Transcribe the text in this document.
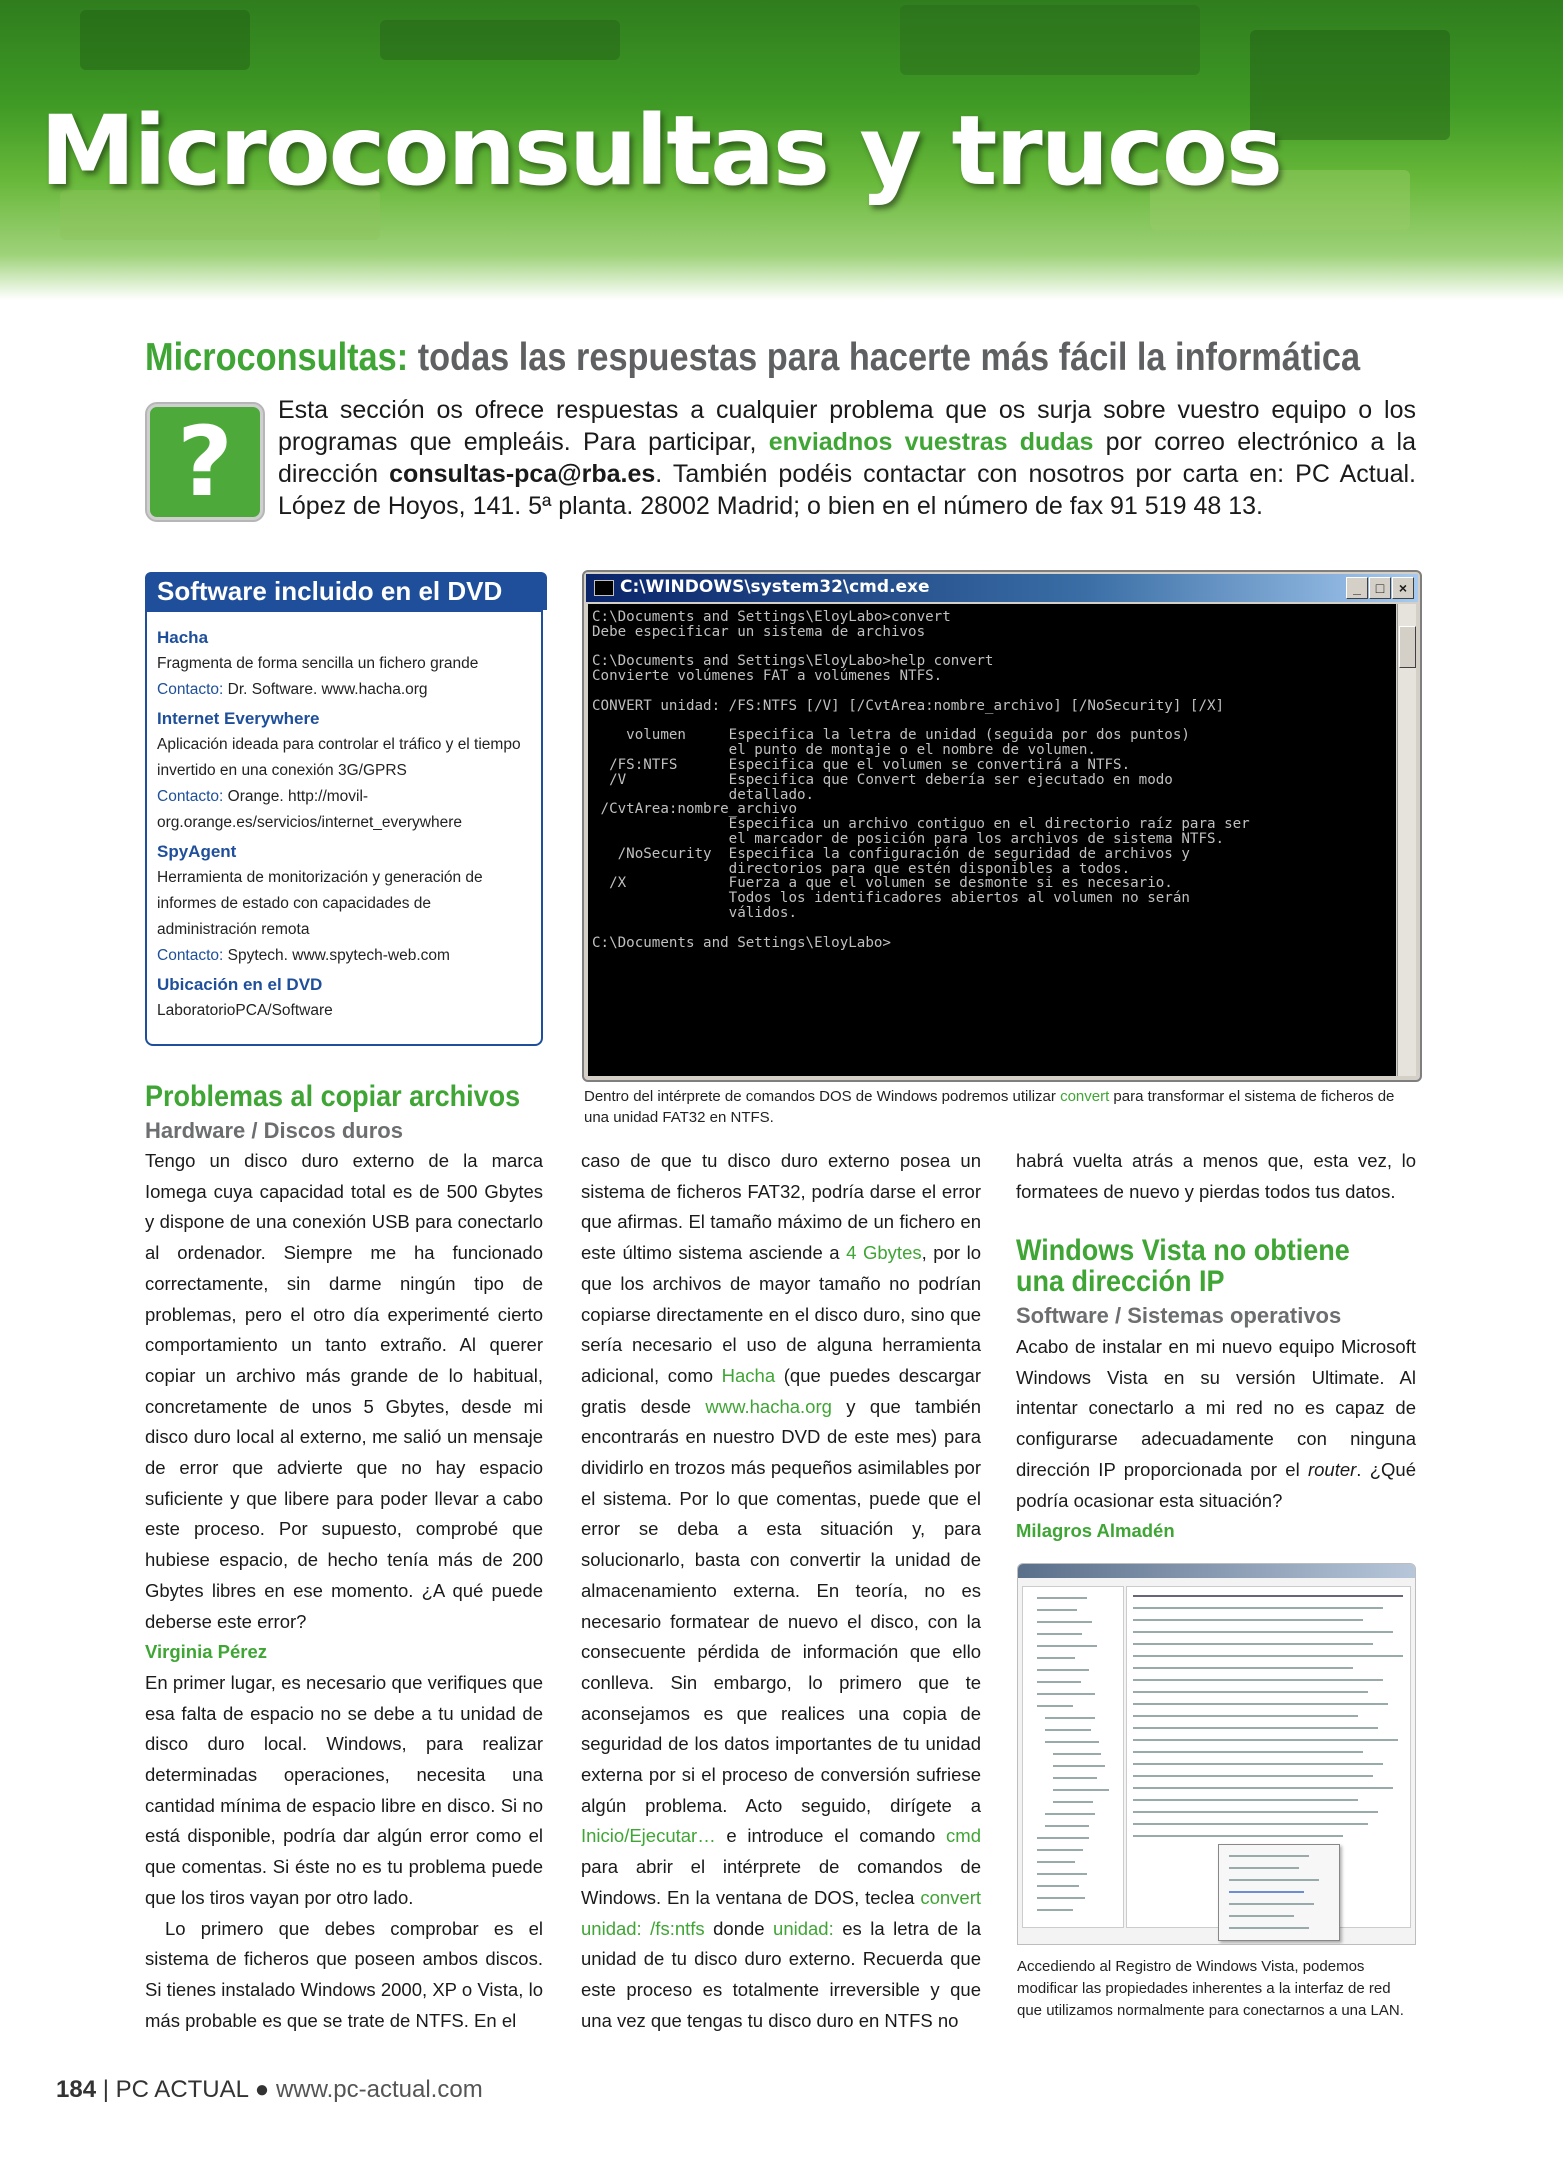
Microconsultas y trucos
Microconsultas: todas las respuestas para hacerte más fácil la informática
?	Esta sección os ofrece respuestas a cualquier problema que os surja sobre vuestro equipo o los programas que empleáis. Para participar, enviadnos vuestras dudas por correo electrónico a la dirección consultas-pca@rba.es. También podéis contactar con nosotros por carta en: PC Actual. López de Hoyos, 141. 5ª planta. 28002 Madrid; o bien en el número de fax 91 519 48 13.
Software incluido en el DVD
Hacha
Fragmenta de forma sencilla un fichero grande
Contacto: Dr. Software. www.hacha.org
Internet Everywhere
Aplicación ideada para controlar el tráfico y el tiempo invertido en una conexión 3G/GPRS
Contacto: Orange. http://movil-org.orange.es/servicios/internet_everywhere
SpyAgent
Herramienta de monitorización y generación de informes de estado con capacidades de administración remota
Contacto: Spytech. www.spytech-web.com
Ubicación en el DVD
LaboratorioPCA/Software
C:\WINDOWS\system32\cmd.exe	_	□	×
C:\Documents and Settings\EloyLabo>convert
Debe especificar un sistema de archivos

C:\Documents and Settings\EloyLabo>help convert
Convierte volúmenes FAT a volúmenes NTFS.

CONVERT unidad: /FS:NTFS [/V] [/CvtArea:nombre_archivo] [/NoSecurity] [/X]

volumen     Especifica la letra de unidad (seguida por dos puntos)
el punto de montaje o el nombre de volumen.
/FS:NTFS      Especifica que el volumen se convertirá a NTFS.
/V            Especifica que Convert debería ser ejecutado en modo
detallado.
/CvtArea:nombre_archivo
Especifica un archivo contiguo en el directorio raíz para ser
el marcador de posición para los archivos de sistema NTFS.
/NoSecurity  Especifica la configuración de seguridad de archivos y
directorios para que estén disponibles a todos.
/X            Fuerza a que el volumen se desmonte si es necesario.
Todos los identificadores abiertos al volumen no serán
válidos.

C:\Documents and Settings\EloyLabo>
Dentro del intérprete de comandos DOS de Windows podremos utilizar convert para transformar el sistema de ficheros de una unidad FAT32 en NTFS.
Problemas al copiar archivos
Hardware / Discos duros

Tengo un disco duro externo de la marca Iomega cuya capacidad total es de 500 Gbytes y dispone de una conexión USB para conectarlo al ordenador. Siempre me ha funcionado correctamente, sin darme ningún tipo de problemas, pero el otro día experimenté cierto comportamiento un tanto extraño. Al querer copiar un archivo más grande de lo habitual, concretamente de unos 5 Gbytes, desde mi disco duro local al externo, me salió un mensaje de error que advierte que no hay espacio suficiente y que libere para poder llevar a cabo este proceso. Por supuesto, comprobé que hubiese espacio, de hecho tenía más de 200 Gbytes libres en ese momento. ¿A qué puede deberse este error?

Virginia Pérez

En primer lugar, es necesario que verifiques que esa falta de espacio no se debe a tu unidad de disco duro local. Windows, para realizar determinadas operaciones, necesita una cantidad mínima de espacio libre en disco. Si no está disponible, podría dar algún error como el que comentas. Si éste no es tu problema puede que los tiros vayan por otro lado.

Lo primero que debes comprobar es el sistema de ficheros que poseen ambos discos. Si tienes instalado Windows 2000, XP o Vista, lo más probable es que se trate de NTFS. En el

caso de que tu disco duro externo posea un sistema de ficheros FAT32, podría darse el error que afirmas. El tamaño máximo de un fichero en este último sistema asciende a 4 Gbytes, por lo que los archivos de mayor tamaño no podrían copiarse directamente en el disco duro, sino que sería necesario el uso de alguna herramienta adicional, como Hacha (que puedes descargar gratis desde www.hacha.org y que también encontrarás en nuestro DVD de este mes) para dividirlo en trozos más pequeños asimilables por el sistema. Por lo que comentas, puede que el error se deba a esta situación y, para solucionarlo, basta con convertir la unidad de almacenamiento externa. En teoría, no es necesario formatear de nuevo el disco, con la consecuente pérdida de información que ello conlleva. Sin embargo, lo primero que te aconsejamos es que realices una copia de seguridad de los datos importantes de tu unidad externa por si el proceso de conversión sufriese algún problema. Acto seguido, dirígete a Inicio/Ejecutar… e introduce el comando cmd para abrir el intérprete de comandos de Windows. En la ventana de DOS, teclea convert unidad: /fs:ntfs donde unidad: es la letra de la unidad de tu disco duro externo. Recuerda que este proceso es totalmente irreversible y que una vez que tengas tu disco duro en NTFS no

habrá vuelta atrás a menos que, esta vez, lo formatees de nuevo y pierdas todos tus datos.

Windows Vista no obtiene una dirección IP
Software / Sistemas operativos

Acabo de instalar en mi nuevo equipo Microsoft Windows Vista en su versión Ultimate. Al intentar conectarlo a mi red no es capaz de configurarse adecuadamente con ninguna dirección IP proporcionada por el router. ¿Qué podría ocasionar esta situación?

Milagros Almadén

Accediendo al Registro de Windows Vista, podemos modificar las propiedades inherentes a la interfaz de red que utilizamos normalmente para conectarnos a una LAN.
184 | PC ACTUAL ● www.pc-actual.com
